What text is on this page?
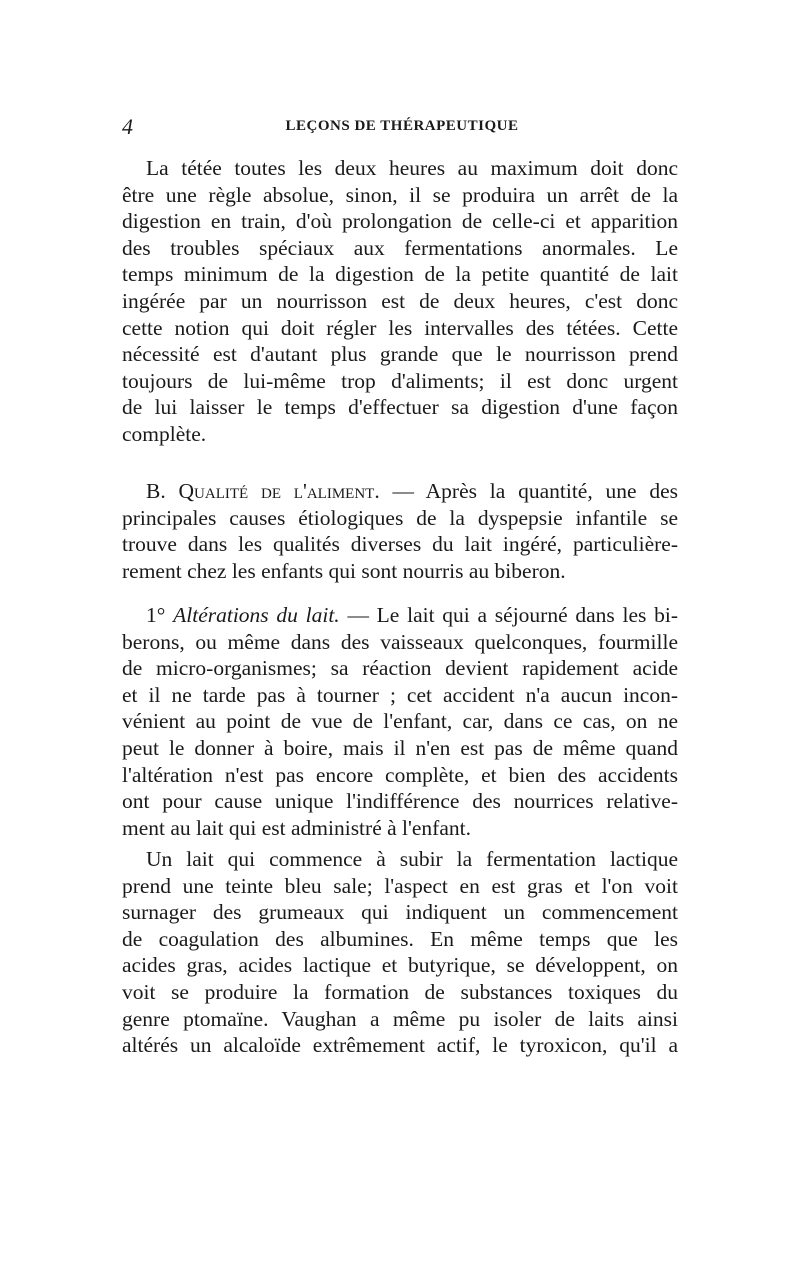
4	LEÇONS DE THÉRAPEUTIQUE
La tétée toutes les deux heures au maximum doit donc
être une règle absolue, sinon, il se produira un arrêt de la
digestion en train, d'où prolongation de celle-ci et apparition
des troubles spéciaux aux fermentations anormales. Le
temps minimum de la digestion de la petite quantité de lait
ingérée par un nourrisson est de deux heures, c'est donc
cette notion qui doit régler les intervalles des tétées. Cette
nécessité est d'autant plus grande que le nourrisson prend
toujours de lui-même trop d'aliments; il est donc urgent
de lui laisser le temps d'effectuer sa digestion d'une façon
complète.
B. Qualité de l'aliment. — Après la quantité, une des
principales causes étiologiques de la dyspepsie infantile se
trouve dans les qualités diverses du lait ingéré, particulière-
rement chez les enfants qui sont nourris au biberon.
1° Altérations du lait. — Le lait qui a séjourné dans les bi-
berons, ou même dans des vaisseaux quelconques, fourmille
de micro-organismes; sa réaction devient rapidement acide
et il ne tarde pas à tourner ; cet accident n'a aucun incon-
vénient au point de vue de l'enfant, car, dans ce cas, on ne
peut le donner à boire, mais il n'en est pas de même quand
l'altération n'est pas encore complète, et bien des accidents
ont pour cause unique l'indifférence des nourrices relative-
ment au lait qui est administré à l'enfant.
Un lait qui commence à subir la fermentation lactique
prend une teinte bleu sale; l'aspect en est gras et l'on voit
surnager des grumeaux qui indiquent un commencement
de coagulation des albumines. En même temps que les
acides gras, acides lactique et butyrique, se développent, on
voit se produire la formation de substances toxiques du
genre ptomaïne. Vaughan a même pu isoler de laits ainsi
altérés un alcaloïde extrêmement actif, le tyroxicon, qu'il a
